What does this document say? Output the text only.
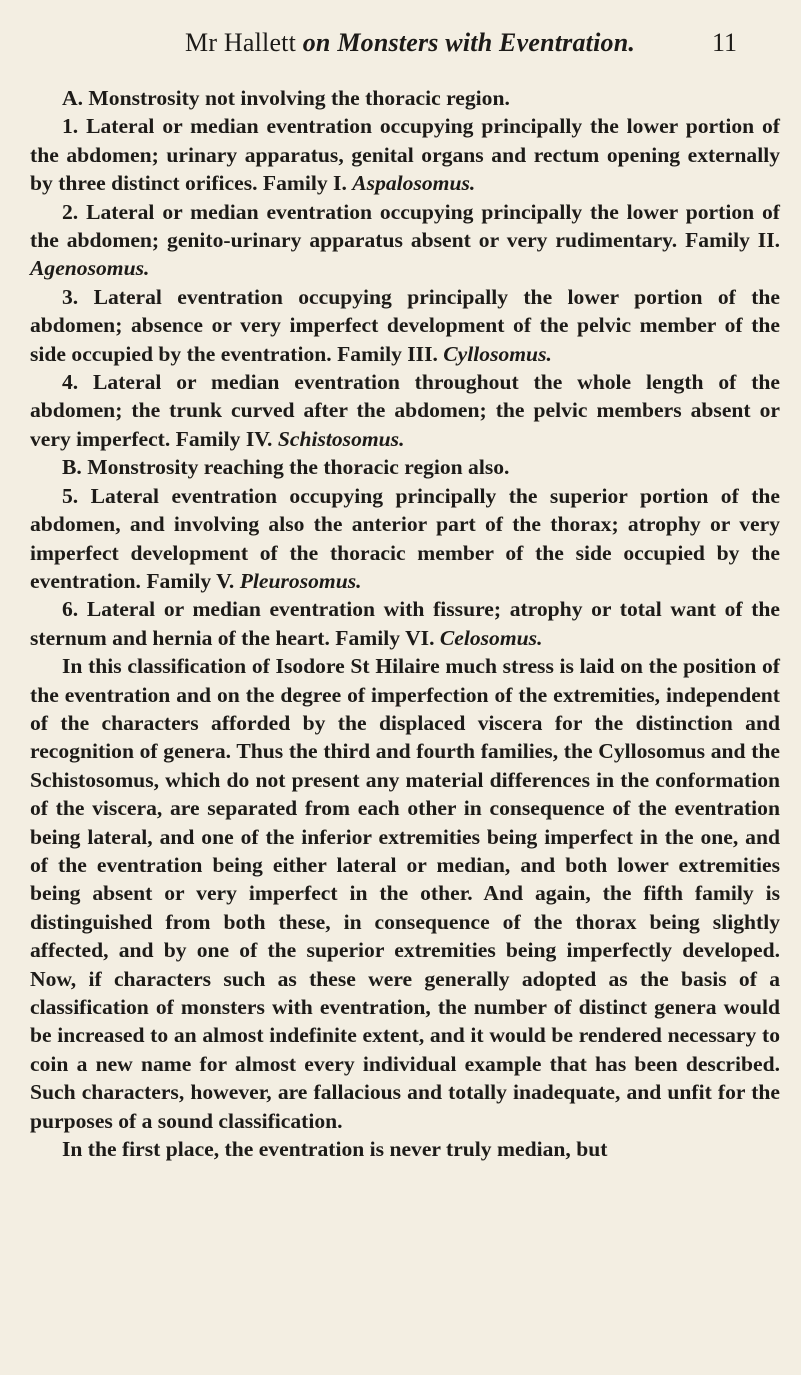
Mr Hallett on Monsters with Eventration.	11

A. Monstrosity not involving the thoracic region.

1. Lateral or median eventration occupying principally the lower portion of the abdomen; urinary apparatus, genital organs and rectum opening externally by three distinct orifices. Family I. Aspalosomus.

2. Lateral or median eventration occupying principally the lower portion of the abdomen; genito-urinary apparatus absent or very rudimentary. Family II. Agenosomus.

3. Lateral eventration occupying principally the lower portion of the abdomen; absence or very imperfect development of the pelvic member of the side occupied by the eventration. Family III. Cyllosomus.

4. Lateral or median eventration throughout the whole length of the abdomen; the trunk curved after the abdomen; the pelvic members absent or very imperfect. Family IV. Schistosomus.

B. Monstrosity reaching the thoracic region also.

5. Lateral eventration occupying principally the superior portion of the abdomen, and involving also the anterior part of the thorax; atrophy or very imperfect development of the thoracic member of the side occupied by the eventration. Family V. Pleurosomus.

6. Lateral or median eventration with fissure; atrophy or total want of the sternum and hernia of the heart. Family VI. Celosomus.

In this classification of Isodore St Hilaire much stress is laid on the position of the eventration and on the degree of imperfection of the extremities, independent of the characters afforded by the displaced viscera for the distinction and recognition of genera. Thus the third and fourth families, the Cyllosomus and the Schistosomus, which do not present any material differences in the conformation of the viscera, are separated from each other in consequence of the eventration being lateral, and one of the inferior extremities being imperfect in the one, and of the eventration being either lateral or median, and both lower extremities being absent or very imperfect in the other. And again, the fifth family is distinguished from both these, in consequence of the thorax being slightly affected, and by one of the superior extremities being imperfectly developed. Now, if characters such as these were generally adopted as the basis of a classification of monsters with eventration, the number of distinct genera would be increased to an almost indefinite extent, and it would be rendered necessary to coin a new name for almost every individual example that has been described. Such characters, however, are fallacious and totally inadequate, and unfit for the purposes of a sound classification.

In the first place, the eventration is never truly median, but
